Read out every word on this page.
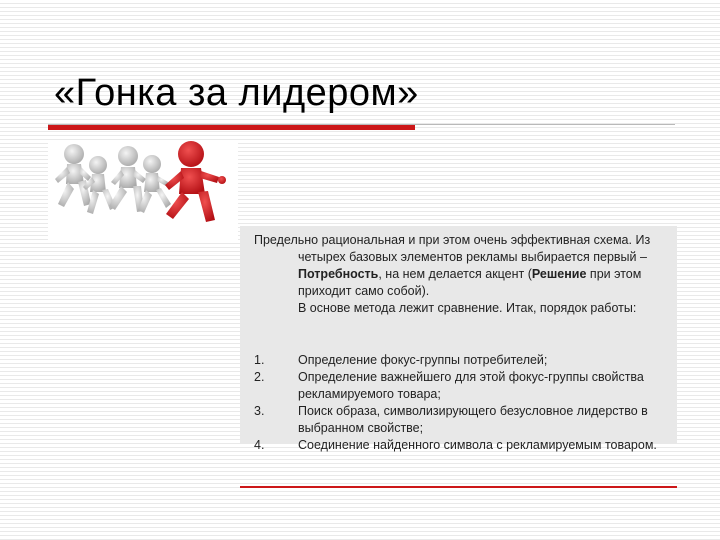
«Гонка за лидером»

Предельно рациональная и при этом очень эффективная схема. Из четырех базовых элементов рекламы выбирается первый – Потребность, на нем делается акцент (Решение при этом приходит само собой).

В основе метода лежит сравнение. Итак, порядок работы:

1.	Определение фокус-группы потребителей;
2.	Определение важнейшего для этой фокус-группы свойства рекламируемого товара;
3.	Поиск образа, символизирующего безусловное лидерство в выбранном свойстве;
4.	Соединение найденного символа с рекламируемым товаром.
